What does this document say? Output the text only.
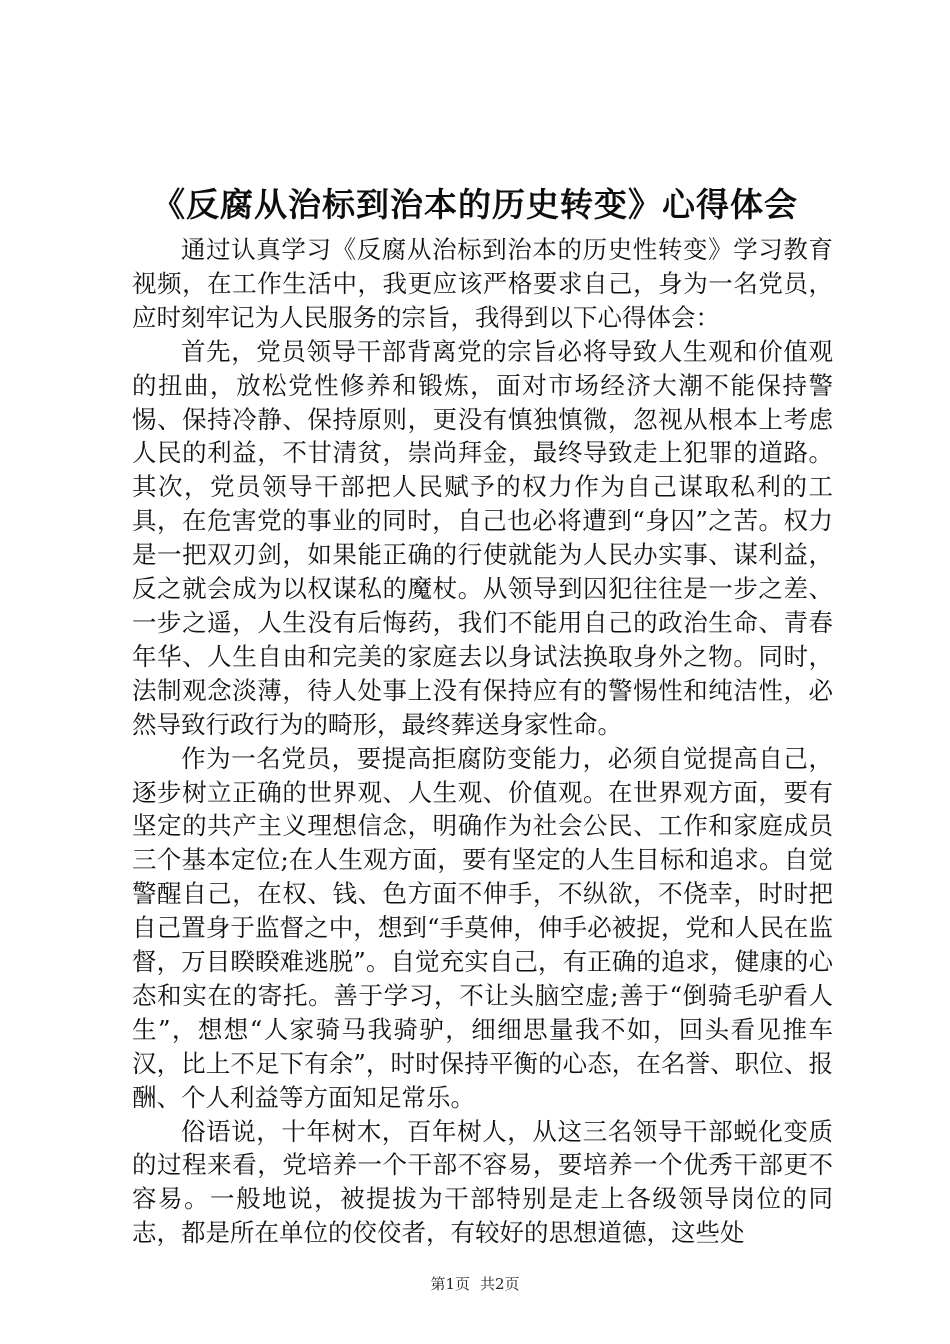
《反腐从治标到治本的历史转变》心得体会

通过认真学习《反腐从治标到治本的历史性转变》学习教育视频，在工作生活中，我更应该严格要求自己，身为一名党员，应时刻牢记为人民服务的宗旨，我得到以下心得体会：

首先，党员领导干部背离党的宗旨必将导致人生观和价值观的扭曲，放松党性修养和锻炼，面对市场经济大潮不能保持警惕、保持冷静、保持原则，更没有慎独慎微，忽视从根本上考虑人民的利益，不甘清贫，崇尚拜金，最终导致走上犯罪的道路。其次，党员领导干部把人民赋予的权力作为自己谋取私利的工具，在危害党的事业的同时，自己也必将遭到“身囚”之苦。权力是一把双刃剑，如果能正确的行使就能为人民办实事、谋利益，反之就会成为以权谋私的魔杖。从领导到囚犯往往是一步之差、一步之遥，人生没有后悔药，我们不能用自己的政治生命、青春年华、人生自由和完美的家庭去以身试法换取身外之物。同时，法制观念淡薄，待人处事上没有保持应有的警惕性和纯洁性，必然导致行政行为的畸形，最终葬送身家性命。

作为一名党员，要提高拒腐防变能力，必须自觉提高自己，逐步树立正确的世界观、人生观、价值观。在世界观方面，要有坚定的共产主义理想信念，明确作为社会公民、工作和家庭成员三个基本定位;在人生观方面，要有坚定的人生目标和追求。自觉警醒自己，在权、钱、色方面不伸手，不纵欲，不侥幸，时时把自己置身于监督之中，想到“手莫伸，伸手必被捉，党和人民在监督，万目睽睽难逃脱”。自觉充实自己，有正确的追求，健康的心态和实在的寄托。善于学习，不让头脑空虚;善于“倒骑毛驴看人生”，想想“人家骑马我骑驴，细细思量我不如，回头看见推车汉，比上不足下有余”，时时保持平衡的心态，在名誉、职位、报酬、个人利益等方面知足常乐。

俗语说，十年树木，百年树人，从这三名领导干部蜕化变质的过程来看，党培养一个干部不容易，要培养一个优秀干部更不容易。一般地说，被提拔为干部特别是走上各级领导岗位的同志，都是所在单位的佼佼者，有较好的思想道德，这些处

第1页 共2页
